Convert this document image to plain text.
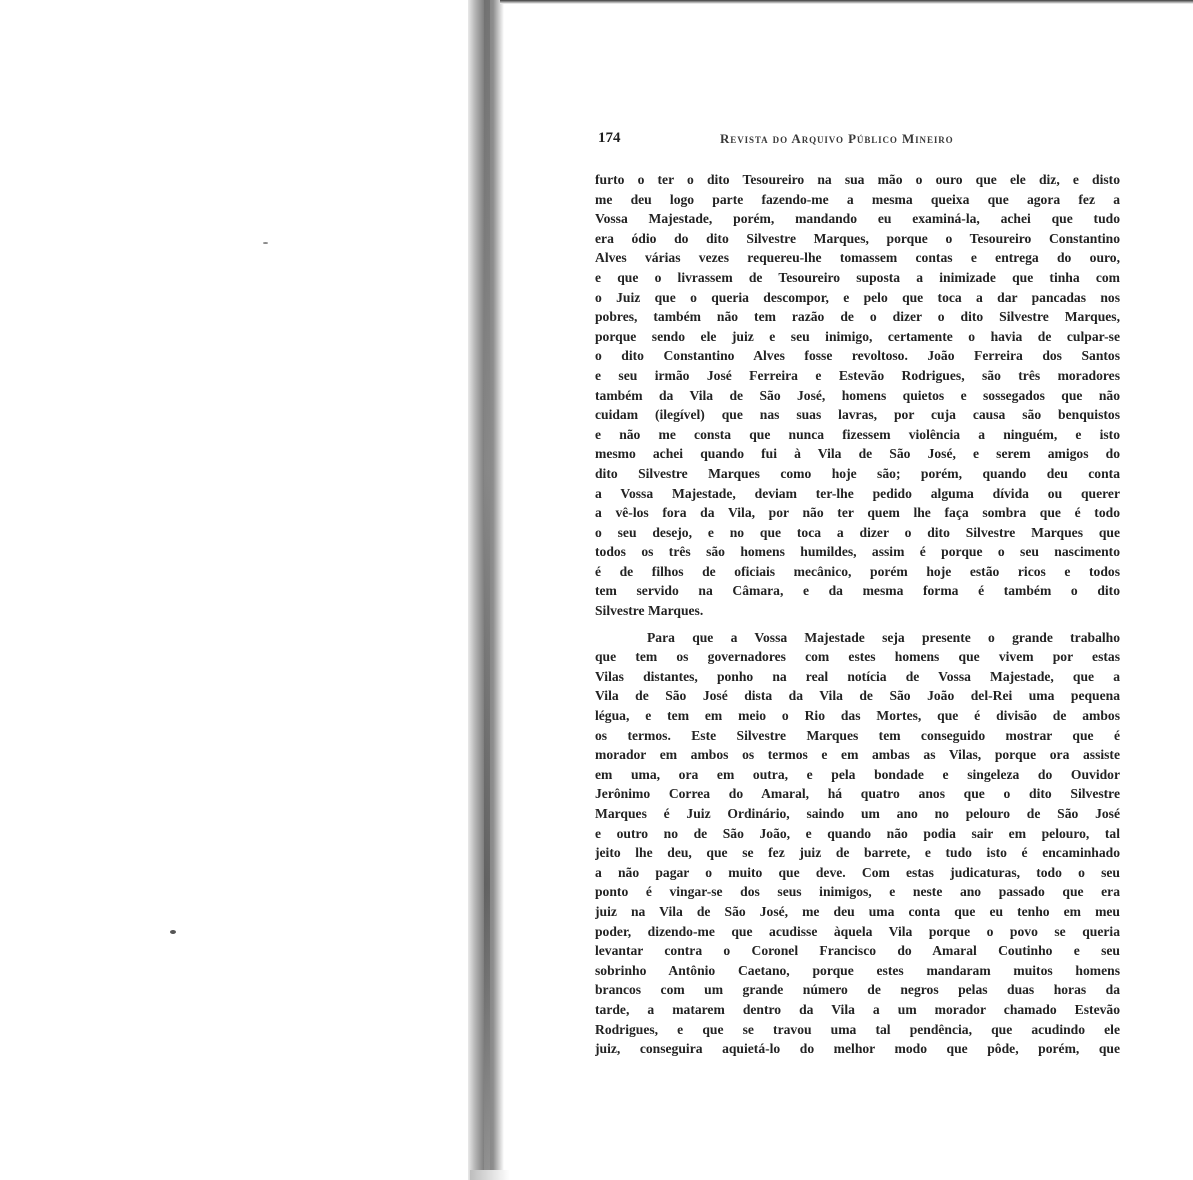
174	Revista do Arquivo Público Mineiro
furto o ter o dito Tesoureiro na sua mão o ouro que ele diz, e disto
me deu logo parte fazendo-me a mesma queixa que agora fez a
Vossa Majestade, porém, mandando eu examiná-la, achei que tudo
era ódio do dito Silvestre Marques, porque o Tesoureiro Constantino
Alves várias vezes requereu-lhe tomassem contas e entrega do ouro,
e que o livrassem de Tesoureiro suposta a inimizade que tinha com
o Juiz que o queria descompor, e pelo que toca a dar pancadas nos
pobres, também não tem razão de o dizer o dito Silvestre Marques,
porque sendo ele juiz e seu inimigo, certamente o havia de culpar-se
o dito Constantino Alves fosse revoltoso. João Ferreira dos Santos
e seu irmão José Ferreira e Estevão Rodrigues, são três moradores
também da Vila de São José, homens quietos e sossegados que não
cuidam (ilegível) que nas suas lavras, por cuja causa são benquistos
e não me consta que nunca fizessem violência a ninguém, e isto
mesmo achei quando fui à Vila de São José, e serem amigos do
dito Silvestre Marques como hoje são; porém, quando deu conta
a Vossa Majestade, deviam ter-lhe pedido alguma dívida ou querer
a vê-los fora da Vila, por não ter quem lhe faça sombra que é todo
o seu desejo, e no que toca a dizer o dito Silvestre Marques que
todos os três são homens humildes, assim é porque o seu nascimento
é de filhos de oficiais mecânico, porém hoje estão ricos e todos
tem servido na Câmara, e da mesma forma é também o dito
Silvestre Marques.
Para que a Vossa Majestade seja presente o grande trabalho
que tem os governadores com estes homens que vivem por estas
Vilas distantes, ponho na real notícia de Vossa Majestade, que a
Vila de São José dista da Vila de São João del-Rei uma pequena
légua, e tem em meio o Rio das Mortes, que é divisão de ambos
os termos. Este Silvestre Marques tem conseguido mostrar que é
morador em ambos os termos e em ambas as Vilas, porque ora assiste
em uma, ora em outra, e pela bondade e singeleza do Ouvidor
Jerônimo Correa do Amaral, há quatro anos que o dito Silvestre
Marques é Juiz Ordinário, saindo um ano no pelouro de São José
e outro no de São João, e quando não podia sair em pelouro, tal
jeito lhe deu, que se fez juiz de barrete, e tudo isto é encaminhado
a não pagar o muito que deve. Com estas judicaturas, todo o seu
ponto é vingar-se dos seus inimigos, e neste ano passado que era
juiz na Vila de São José, me deu uma conta que eu tenho em meu
poder, dizendo-me que acudisse àquela Vila porque o povo se queria
levantar contra o Coronel Francisco do Amaral Coutinho e seu
sobrinho Antônio Caetano, porque estes mandaram muitos homens
brancos com um grande número de negros pelas duas horas da
tarde, a matarem dentro da Vila a um morador chamado Estevão
Rodrigues, e que se travou uma tal pendência, que acudindo ele
juiz, conseguira aquietá-lo do melhor modo que pôde, porém, que
